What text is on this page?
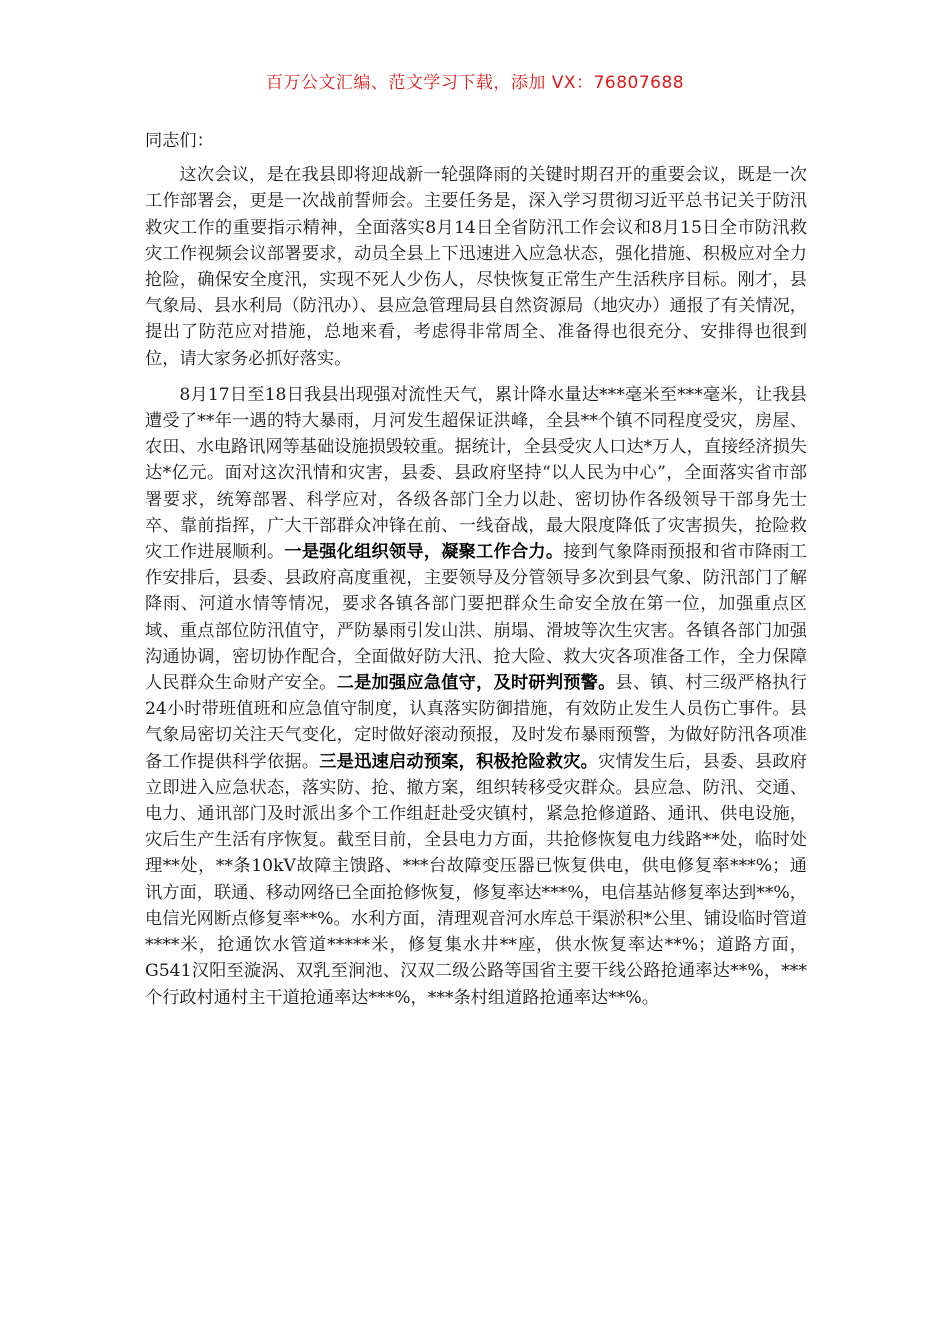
百万公文汇编、范文学习下载，添加 VX：76807688

同志们：

这次会议，是在我县即将迎战新一轮强降雨的关键时期召开的重要会议，既是一次工作部署会，更是一次战前誓师会。主要任务是，深入学习贯彻习近平总书记关于防汛救灾工作的重要指示精神，全面落实8月14日全省防汛工作会议和8月15日全市防汛救灾工作视频会议部署要求，动员全县上下迅速进入应急状态，强化措施、积极应对全力抢险，确保安全度汛，实现不死人少伤人，尽快恢复正常生产生活秩序目标。刚才，县气象局、县水利局（防汛办）、县应急管理局县自然资源局（地灾办）通报了有关情况，提出了防范应对措施，总地来看，考虑得非常周全、准备得也很充分、安排得也很到位，请大家务必抓好落实。

8月17日至18日我县出现强对流性天气，累计降水量达***毫米至***毫米，让我县遭受了**年一遇的特大暴雨，月河发生超保证洪峰，全县**个镇不同程度受灾，房屋、农田、水电路讯网等基础设施损毁较重。据统计，全县受灾人口达*万人，直接经济损失达*亿元。面对这次汛情和灾害，县委、县政府坚持“以人民为中心”，全面落实省市部署要求，统筹部署、科学应对，各级各部门全力以赴、密切协作各级领导干部身先士卒、靠前指挥，广大干部群众冲锋在前、一线奋战，最大限度降低了灾害损失，抢险救灾工作进展顺利。一是强化组织领导，凝聚工作合力。接到气象降雨预报和省市降雨工作安排后，县委、县政府高度重视，主要领导及分管领导多次到县气象、防汛部门了解降雨、河道水情等情况，要求各镇各部门要把群众生命安全放在第一位，加强重点区域、重点部位防汛值守，严防暴雨引发山洪、崩塌、滑坡等次生灾害。各镇各部门加强沟通协调，密切协作配合，全面做好防大汛、抢大险、救大灾各项准备工作，全力保障人民群众生命财产安全。二是加强应急值守，及时研判预警。县、镇、村三级严格执行24小时带班值班和应急值守制度，认真落实防御措施，有效防止发生人员伤亡事件。县气象局密切关注天气变化，定时做好滚动预报，及时发布暴雨预警，为做好防汛各项准备工作提供科学依据。三是迅速启动预案，积极抢险救灾。灾情发生后，县委、县政府立即进入应急状态，落实防、抢、撤方案，组织转移受灾群众。县应急、防汛、交通、电力、通讯部门及时派出多个工作组赶赴受灾镇村，紧急抢修道路、通讯、供电设施，灾后生产生活有序恢复。截至目前，全县电力方面，共抢修恢复电力线路**处，临时处理**处，**条10kV故障主馈路、***台故障变压器已恢复供电，供电修复率***%；通讯方面，联通、移动网络已全面抢修恢复，修复率达***%，电信基站修复率达到**%，电信光网断点修复率**%。水利方面，清理观音河水库总干渠淤积*公里、铺设临时管道****米，抢通饮水管道*****米，修复集水井**座，供水恢复率达**%；道路方面，G541汉阳至漩涡、双乳至涧池、汉双二级公路等国省主要干线公路抢通率达**%，***个行政村通村主干道抢通率达***%，***条村组道路抢通率达**%。
